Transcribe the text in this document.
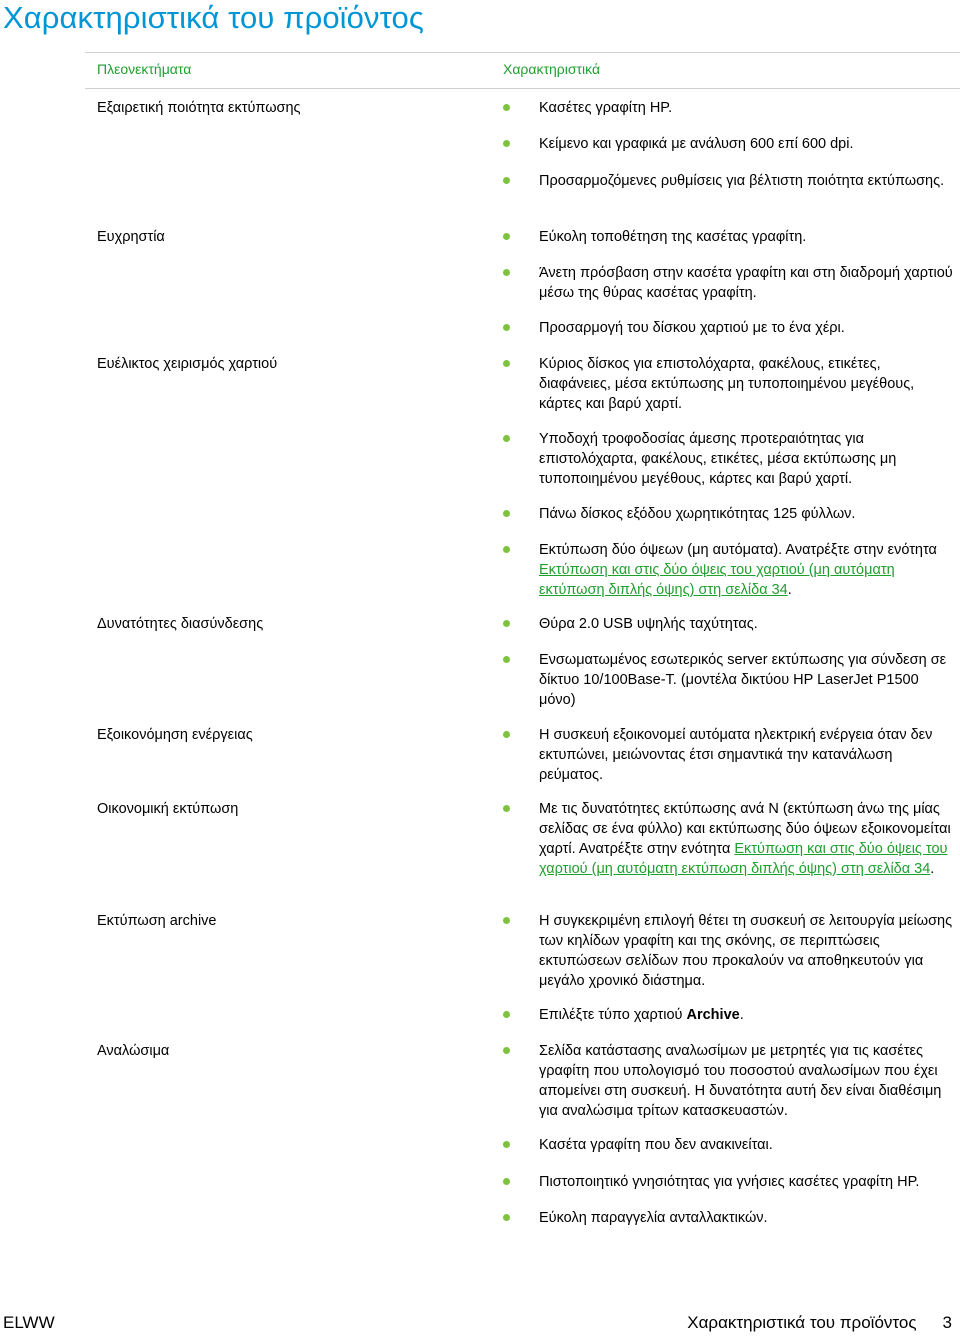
Χαρακτηριστικά του προϊόντος
Πλεονεκτήματα	Χαρακτηριστικά
Εξαιρετική ποιότητα εκτύπωσης	Κασέτες γραφίτη HP.
Κείμενο και γραφικά με ανάλυση 600 επί 600 dpi.
Προσαρμοζόμενες ρυθμίσεις για βέλτιστη ποιότητα εκτύπωσης.
Ευχρηστία	Εύκολη τοποθέτηση της κασέτας γραφίτη.
Άνετη πρόσβαση στην κασέτα γραφίτη και στη διαδρομή χαρτιού μέσω της θύρας κασέτας γραφίτη.
Προσαρμογή του δίσκου χαρτιού με το ένα χέρι.
Ευέλικτος χειρισμός χαρτιού	Κύριος δίσκος για επιστολόχαρτα, φακέλους, ετικέτες, διαφάνειες, μέσα εκτύπωσης μη τυποποιημένου μεγέθους, κάρτες και βαρύ χαρτί.
Υποδοχή τροφοδοσίας άμεσης προτεραιότητας για επιστολόχαρτα, φακέλους, ετικέτες, μέσα εκτύπωσης μη τυποποιημένου μεγέθους, κάρτες και βαρύ χαρτί.
Πάνω δίσκος εξόδου χωρητικότητας 125 φύλλων.
Εκτύπωση δύο όψεων (μη αυτόματα). Ανατρέξτε στην ενότητα Εκτύπωση και στις δύο όψεις του χαρτιού (μη αυτόματη εκτύπωση διπλής όψης) στη σελίδα 34.
Δυνατότητες διασύνδεσης	Θύρα 2.0 USB υψηλής ταχύτητας.
Ενσωματωμένος εσωτερικός server εκτύπωσης για σύνδεση σε δίκτυο 10/100Base-T. (μοντέλα δικτύου HP LaserJet P1500 μόνο)
Εξοικονόμηση ενέργειας	Η συσκευή εξοικονομεί αυτόματα ηλεκτρική ενέργεια όταν δεν εκτυπώνει, μειώνοντας έτσι σημαντικά την κατανάλωση ρεύματος.
Οικονομική εκτύπωση	Με τις δυνατότητες εκτύπωσης ανά Ν (εκτύπωση άνω της μίας σελίδας σε ένα φύλλο) και εκτύπωσης δύο όψεων εξοικονομείται χαρτί. Ανατρέξτε στην ενότητα Εκτύπωση και στις δύο όψεις του χαρτιού (μη αυτόματη εκτύπωση διπλής όψης) στη σελίδα 34.
Εκτύπωση archive	Η συγκεκριμένη επιλογή θέτει τη συσκευή σε λειτουργία μείωσης των κηλίδων γραφίτη και της σκόνης, σε περιπτώσεις εκτυπώσεων σελίδων που προκαλούν να αποθηκευτούν για μεγάλο χρονικό διάστημα.
Επιλέξτε τύπο χαρτιού Archive.
Αναλώσιμα	Σελίδα κατάστασης αναλωσίμων με μετρητές για τις κασέτες γραφίτη που υπολογισμό του ποσοστού αναλωσίμων που έχει απομείνει στη συσκευή. Η δυνατότητα αυτή δεν είναι διαθέσιμη για αναλώσιμα τρίτων κατασκευαστών.
Κασέτα γραφίτη που δεν ανακινείται.
Πιστοποιητικό γνησιότητας για γνήσιες κασέτες γραφίτη HP.
Εύκολη παραγγελία ανταλλακτικών.
ELWW	Χαρακτηριστικά του προϊόντος 3
